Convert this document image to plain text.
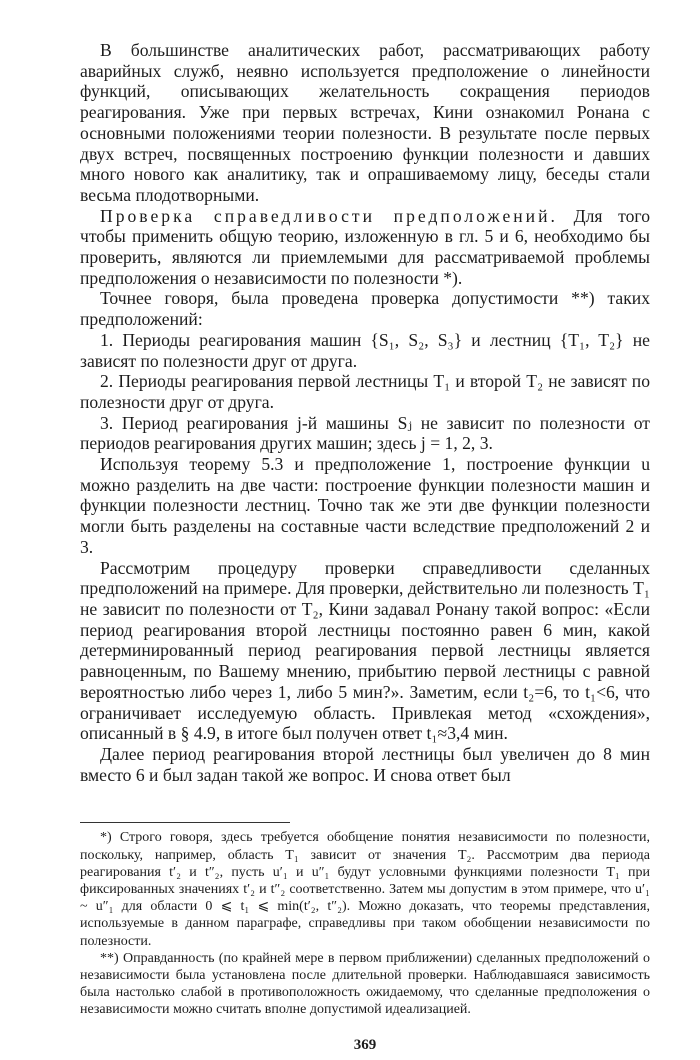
В большинстве аналитических работ, рассматривающих работу аварийных служб, неявно используется предположение о линейности функций, описывающих желательность сокращения периодов реагирования. Уже при первых встречах, Кини ознакомил Ронана с основными положениями теории полезности. В результате после первых двух встреч, посвященных построению функции полезности и давших много нового как аналитику, так и опрашиваемому лицу, беседы стали весьма плодотворными.

Проверка справедливости предположений. Для того чтобы применить общую теорию, изложенную в гл. 5 и 6, необходимо бы проверить, являются ли приемлемыми для рассматриваемой проблемы предположения о независимости по полезности *).

Точнее говоря, была проведена проверка допустимости **) таких предположений:

1. Периоды реагирования машин {S₁, S₂, S₃} и лестниц {T₁, T₂} не зависят по полезности друг от друга.

2. Периоды реагирования первой лестницы T₁ и второй T₂ не зависят по полезности друг от друга.

3. Период реагирования j-й машины Sⱼ не зависит по полезности от периодов реагирования других машин; здесь j = 1, 2, 3.

Используя теорему 5.3 и предположение 1, построение функции u можно разделить на две части: построение функции полезности машин и функции полезности лестниц. Точно так же эти две функции полезности могли быть разделены на составные части вследствие предположений 2 и 3.

Рассмотрим процедуру проверки справедливости сделанных предположений на примере. Для проверки, действительно ли полезность T₁ не зависит по полезности от T₂, Кини задавал Ронану такой вопрос: «Если период реагирования второй лестницы постоянно равен 6 мин, какой детерминированный период реагирования первой лестницы является равноценным, по Вашему мнению, прибытию первой лестницы с равной вероятностью либо через 1, либо 5 мин?». Заметим, если t₂=6, то t₁<6, что ограничивает исследуемую область. Привлекая метод «схождения», описанный в § 4.9, в итоге был получен ответ t₁≈3,4 мин.

Далее период реагирования второй лестницы был увеличен до 8 мин вместо 6 и был задан такой же вопрос. И снова ответ был

*) Строго говоря, здесь требуется обобщение понятия независимости по полезности, поскольку, например, область T₁ зависит от значения T₂. Рассмотрим два периода реагирования t′₂ и t″₂, пусть u′₁ и u″₁ будут условными функциями полезности T₁ при фиксированных значениях t′₂ и t″₂ соответственно. Затем мы допустим в этом примере, что u′₁ ~ u″₁ для области 0 ⩽ t₁ ⩽ min(t′₂, t″₂). Можно доказать, что теоремы представления, используемые в данном параграфе, справедливы при таком обобщении независимости по полезности.

**) Оправданность (по крайней мере в первом приближении) сделанных предположений о независимости была установлена после длительной проверки. Наблюдавшаяся зависимость была настолько слабой в противоположность ожидаемому, что сделанные предположения о независимости можно считать вполне допустимой идеализацией.

369
